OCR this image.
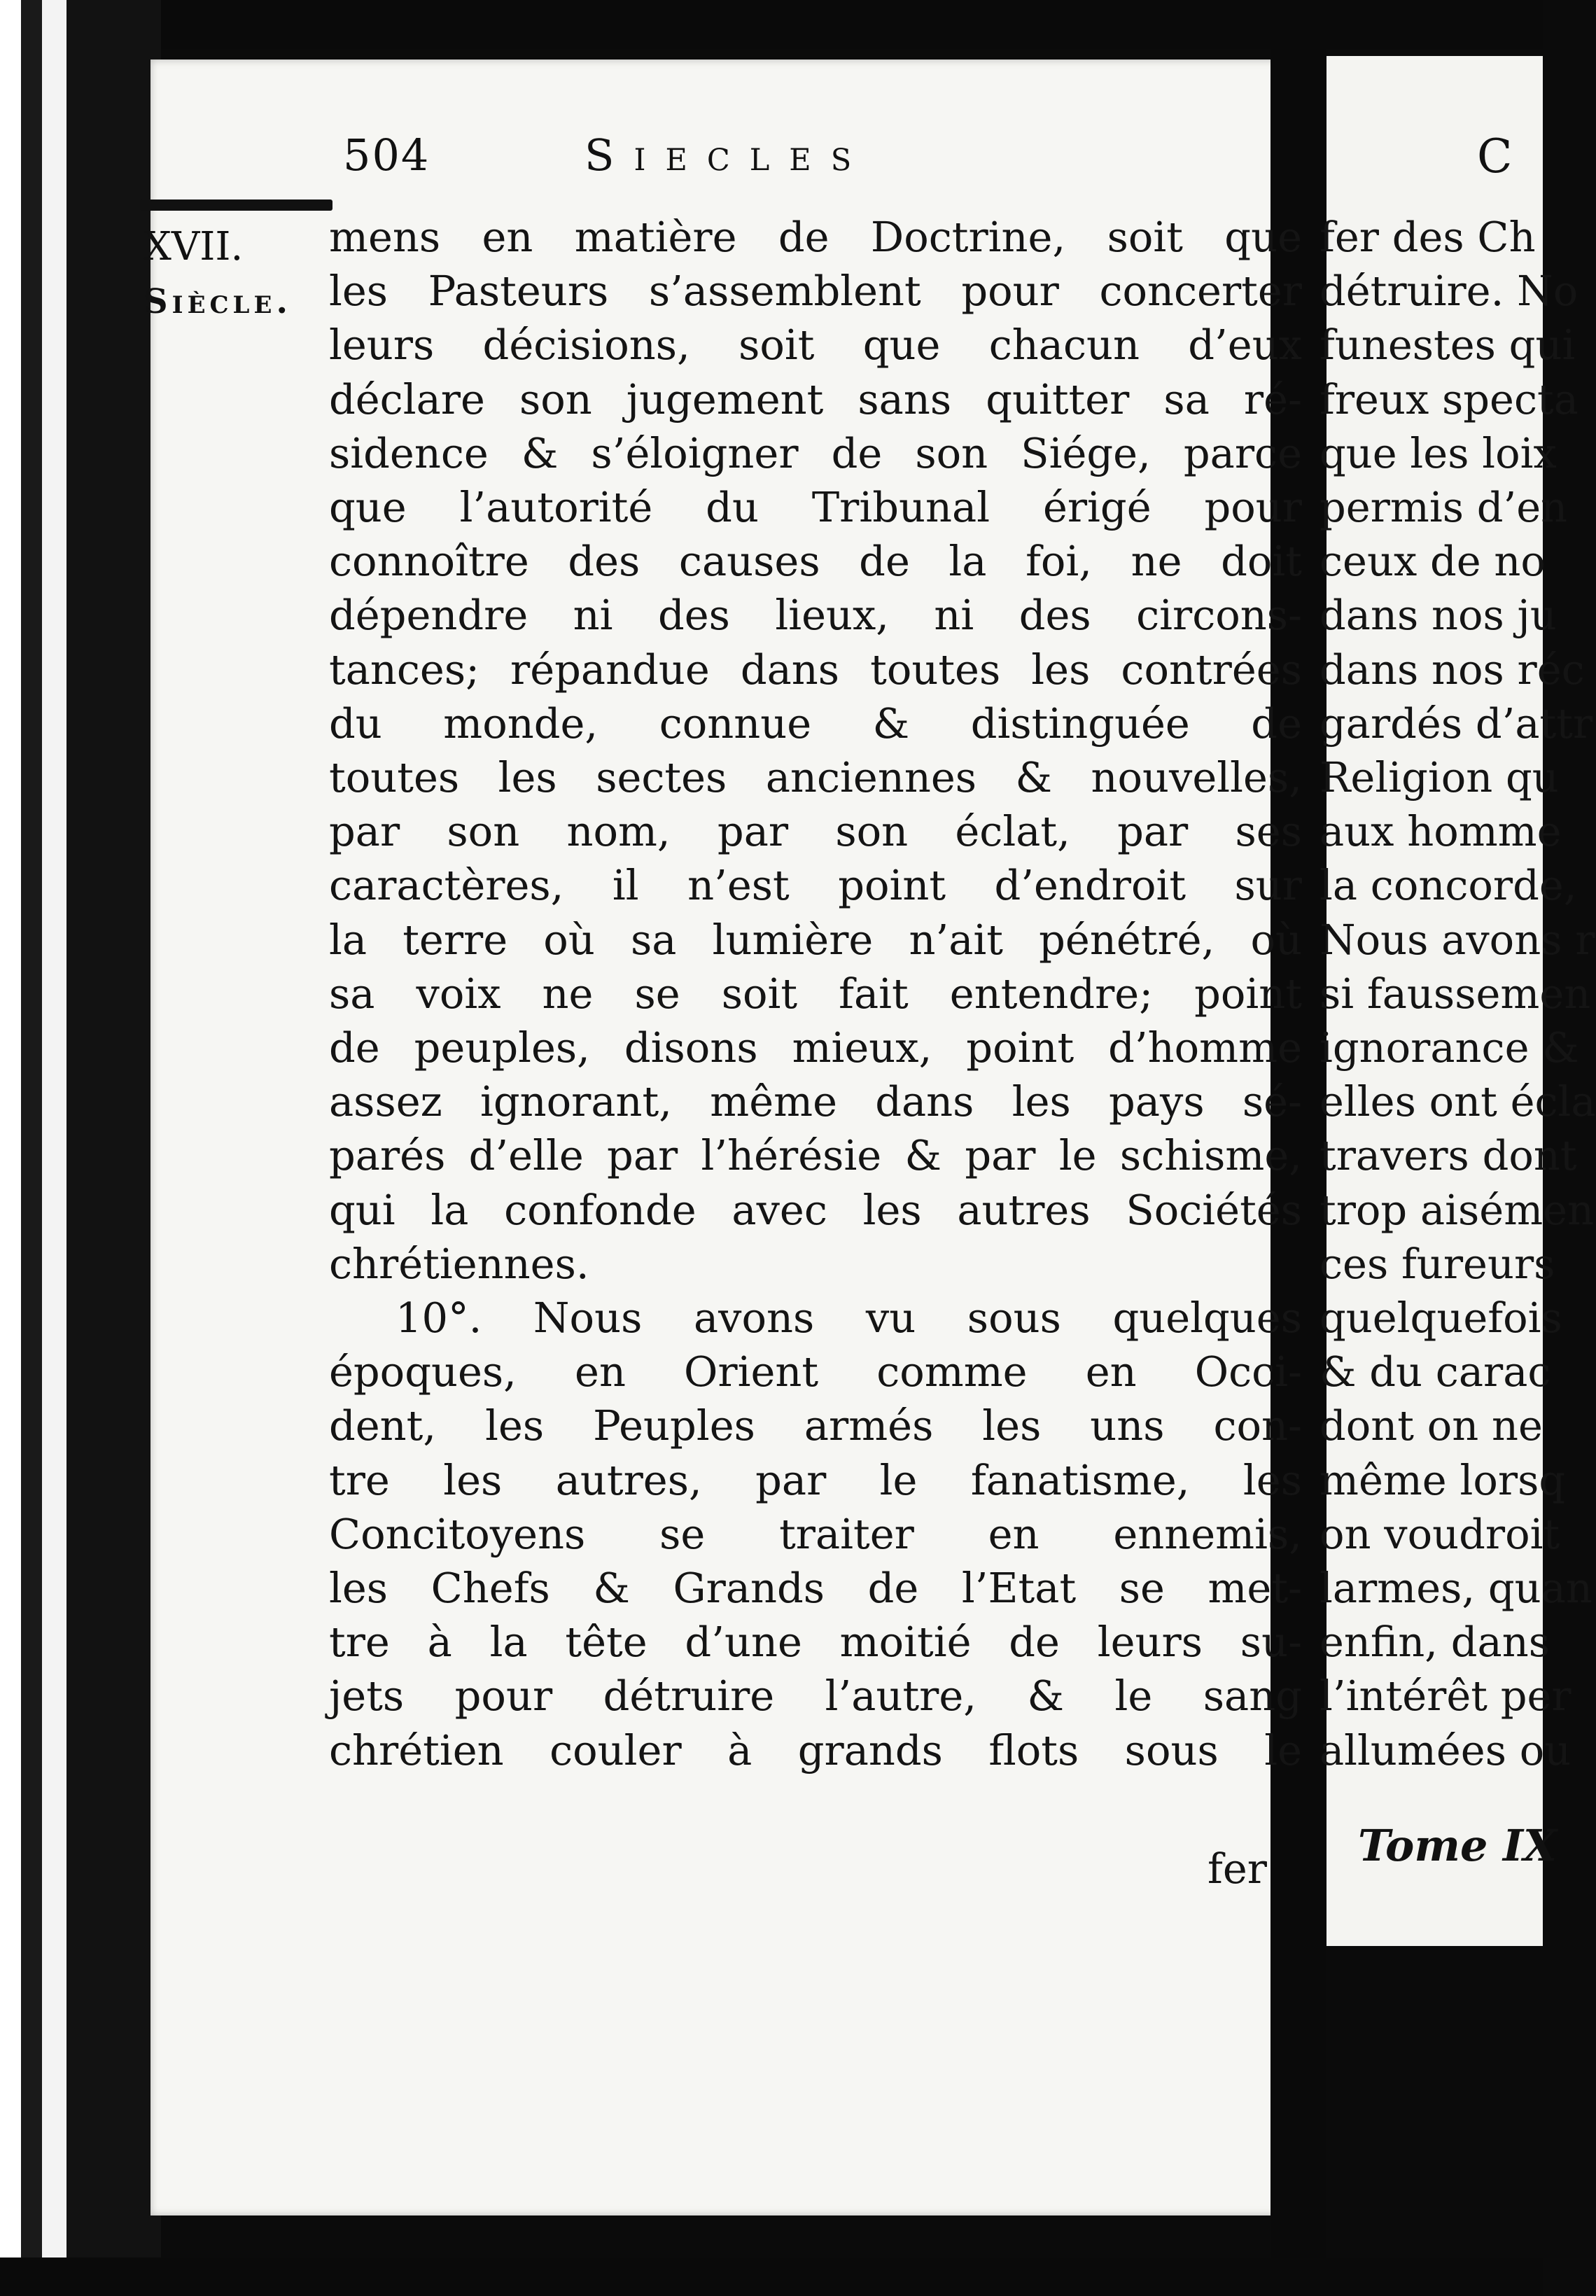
504	Siecles
XVII.
Siècle.
mens en matière de Doctrine, soit que
les Pasteurs s’assemblent pour concerter
leurs décisions, soit que chacun d’eux
déclare son jugement sans quitter sa ré-
sidence & s’éloigner de son Siége, parce
que l’autorité du Tribunal érigé pour
connoître des causes de la foi, ne doit
dépendre ni des lieux, ni des circons-
tances; répandue dans toutes les contrées
du monde, connue & distinguée de
toutes les sectes anciennes & nouvelles,
par son nom, par son éclat, par ses
caractères, il n’est point d’endroit sur
la terre où sa lumière n’ait pénétré, où
sa voix ne se soit fait entendre; point
de peuples, disons mieux, point d’homme
assez ignorant, même dans les pays sé-
parés d’elle par l’hérésie & par le schisme,
qui la confonde avec les autres Sociétés
chrétiennes.
10°. Nous avons vu sous quelques
époques, en Orient comme en Occi-
dent, les Peuples armés les uns con-
tre les autres, par le fanatisme, les
Concitoyens se traiter en ennemis,
les Chefs & Grands de l’Etat se met-
tre à la tête d’une moitié de leurs su-
jets pour détruire l’autre, & le sang
chrétien couler à grands flots sous le
fer
C
fer des Ch
détruire. No
funestes qui
freux specta
que les loix
permis d’en
ceux de no
dans nos ju
dans nos réc
gardés d’attr
Religion qu
aux homme
la concorde,
Nous avons r
si faussemen
ignorance &
elles ont écla
travers dont
trop aisémen
ces fureurs
quelquefois
& du carac
dont on ne
même lorsq
on voudroit
larmes, quan
enfin, dans
l’intérêt per
allumées ou
Tome IX
